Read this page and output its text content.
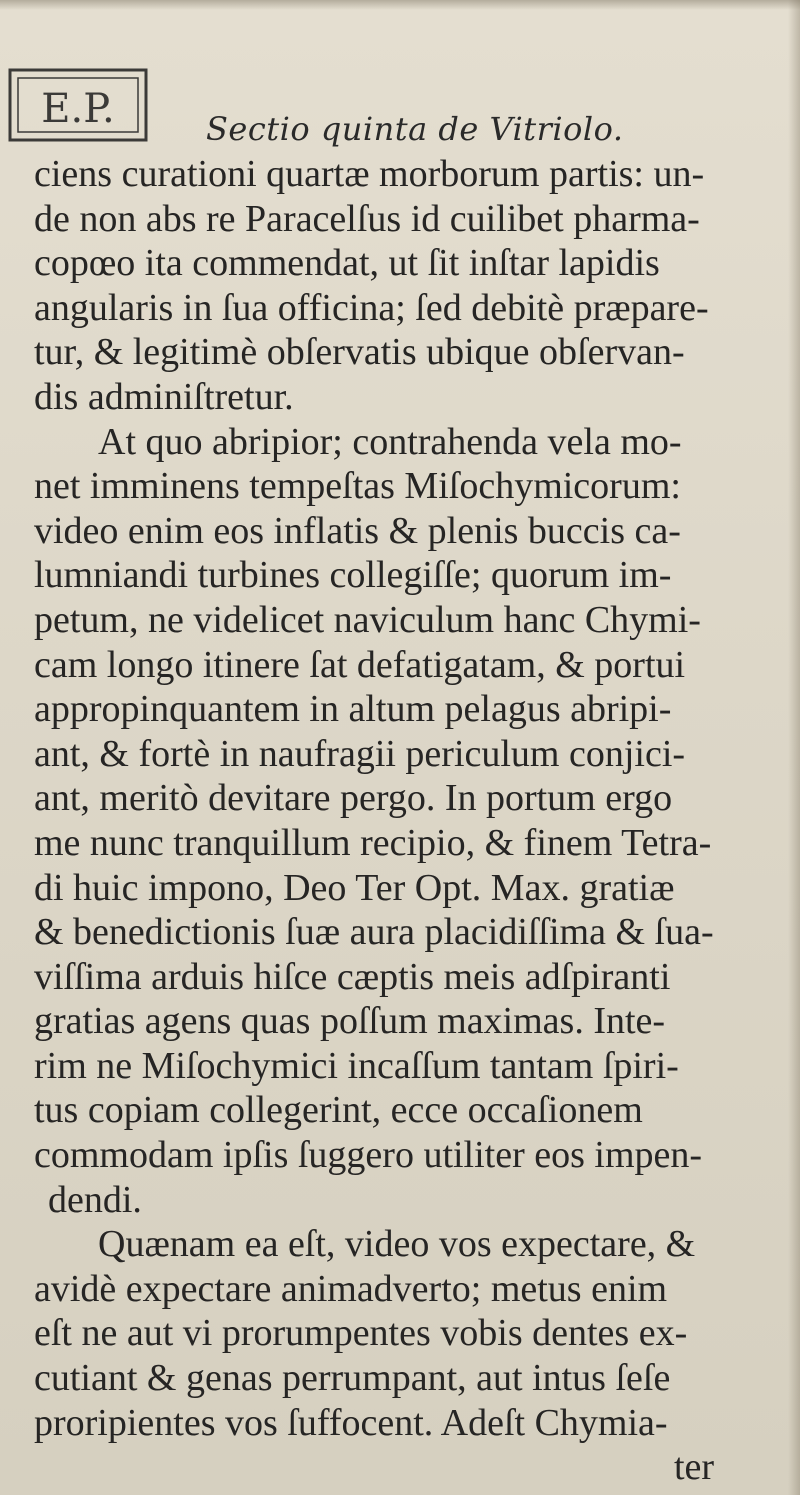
E.P.	Sectio quinta de Vitriolo.
ciens curationi quartæ morborum partis: un-
de non abs re Paracelſus id cuilibet pharma-
copœo ita commendat, ut ſit inſtar lapidis
angularis in ſua officina; ſed debitè præpare-
tur, & legitimè obſervatis ubique obſervan-
dis adminiſtretur.
At quo abripior; contrahenda vela mo-
net imminens tempeſtas Miſochymicorum:
video enim eos inflatis & plenis buccis ca-
lumniandi turbines collegiſſe; quorum im-
petum, ne videlicet naviculum hanc Chymi-
cam longo itinere ſat defatigatam, & portui
appropinquantem in altum pelagus abripi-
ant, & fortè in naufragii periculum conjici-
ant, meritò devitare pergo. In portum ergo
me nunc tranquillum recipio, & finem Tetra-
di huic impono, Deo Ter Opt. Max. gratiæ
& benedictionis ſuæ aura placidiſſima & ſua-
viſſima arduis hiſce cæptis meis adſpiranti
gratias agens quas poſſum maximas. Inte-
rim ne Miſochymici incaſſum tantam ſpiri-
tus copiam collegerint, ecce occaſionem
commodam ipſis ſuggero utiliter eos impen-
dendi.
Quænam ea eſt, video vos expectare, &
avidè expectare animadverto; metus enim
eſt ne aut vi prorumpentes vobis dentes ex-
cutiant & genas perrumpant, aut intus ſeſe
proripientes vos ſuffocent. Adeſt Chymia-
ter
